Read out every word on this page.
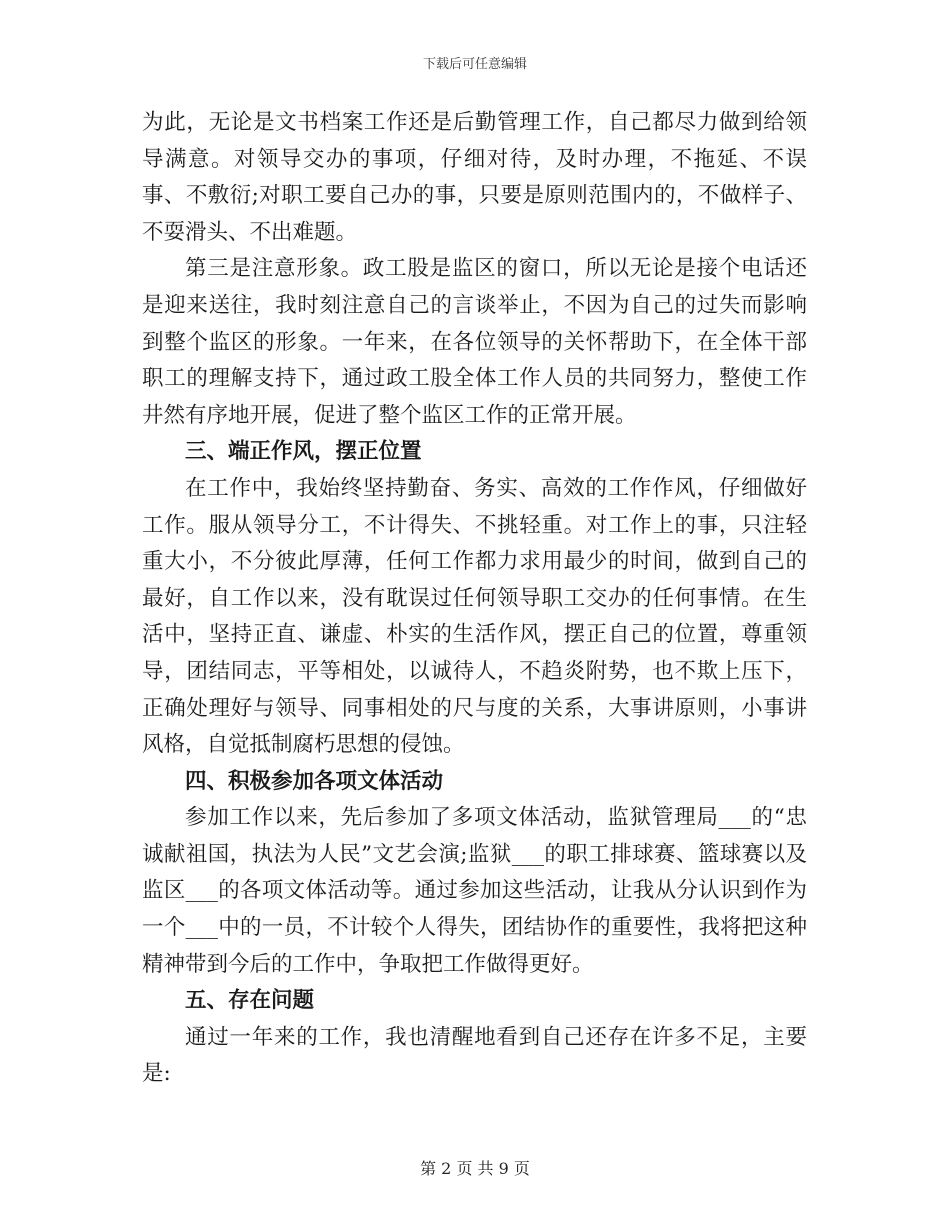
下载后可任意编辑

为此，无论是文书档案工作还是后勤管理工作，自己都尽力做到给领导满意。对领导交办的事项，仔细对待，及时办理，不拖延、不误事、不敷衍;对职工要自己办的事，只要是原则范围内的，不做样子、不耍滑头、不出难题。

第三是注意形象。政工股是监区的窗口，所以无论是接个电话还是迎来送往，我时刻注意自己的言谈举止，不因为自己的过失而影响到整个监区的形象。一年来，在各位领导的关怀帮助下，在全体干部职工的理解支持下，通过政工股全体工作人员的共同努力，整使工作井然有序地开展，促进了整个监区工作的正常开展。

三、端正作风，摆正位置

在工作中，我始终坚持勤奋、务实、高效的工作作风，仔细做好工作。服从领导分工，不计得失、不挑轻重。对工作上的事，只注轻重大小，不分彼此厚薄，任何工作都力求用最少的时间，做到自己的最好，自工作以来，没有耽误过任何领导职工交办的任何事情。在生活中，坚持正直、谦虚、朴实的生活作风，摆正自己的位置，尊重领导，团结同志，平等相处，以诚待人，不趋炎附势，也不欺上压下，正确处理好与领导、同事相处的尺与度的关系，大事讲原则，小事讲风格，自觉抵制腐朽思想的侵蚀。

四、积极参加各项文体活动

参加工作以来，先后参加了多项文体活动，监狱管理局___的“忠诚献祖国，执法为人民”文艺会演;监狱___的职工排球赛、篮球赛以及监区___的各项文体活动等。通过参加这些活动，让我从分认识到作为一个___中的一员，不计较个人得失，团结协作的重要性，我将把这种精神带到今后的工作中，争取把工作做得更好。

五、存在问题

通过一年来的工作，我也清醒地看到自己还存在许多不足，主要是:

第 2 页 共 9 页
